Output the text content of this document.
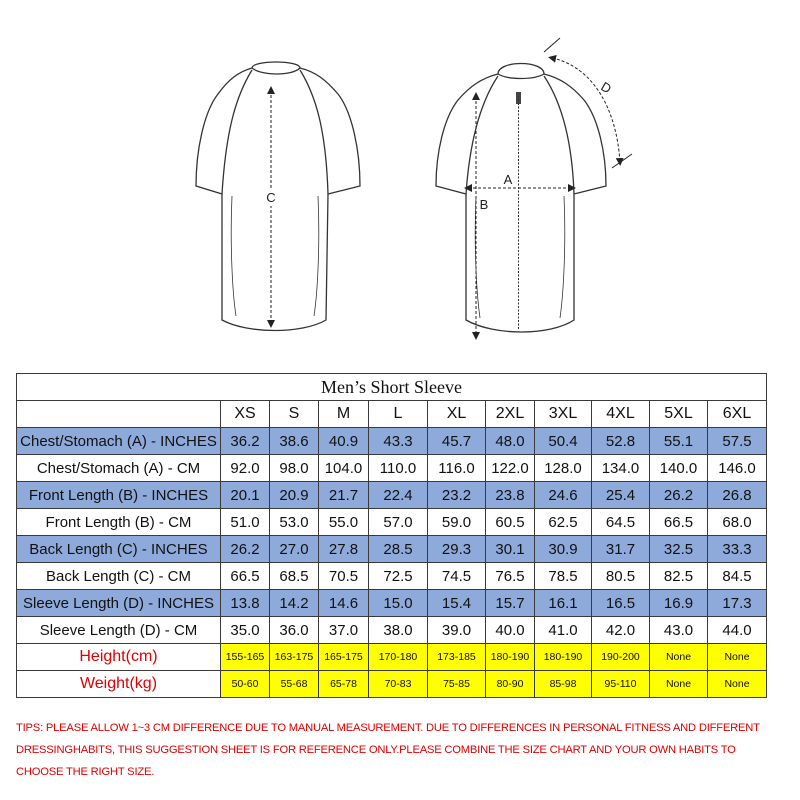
C
A
B
D
Men’s Short Sleeve										
	XS	S	M	L	XL	2XL	3XL	4XL	5XL	6XL
Chest/Stomach (A) - INCHES	36.2	38.6	40.9	43.3	45.7	48.0	50.4	52.8	55.1	57.5
Chest/Stomach (A) - CM	92.0	98.0	104.0	110.0	116.0	122.0	128.0	134.0	140.0	146.0
Front Length (B) - INCHES	20.1	20.9	21.7	22.4	23.2	23.8	24.6	25.4	26.2	26.8
Front Length (B) - CM	51.0	53.0	55.0	57.0	59.0	60.5	62.5	64.5	66.5	68.0
Back Length (C) - INCHES	26.2	27.0	27.8	28.5	29.3	30.1	30.9	31.7	32.5	33.3
Back Length (C) - CM	66.5	68.5	70.5	72.5	74.5	76.5	78.5	80.5	82.5	84.5
Sleeve Length (D) - INCHES	13.8	14.2	14.6	15.0	15.4	15.7	16.1	16.5	16.9	17.3
Sleeve Length (D) - CM	35.0	36.0	37.0	38.0	39.0	40.0	41.0	42.0	43.0	44.0
Height(cm)	155-165	163-175	165-175	170-180	173-185	180-190	180-190	190-200	None	None
Weight(kg)	50-60	55-68	65-78	70-83	75-85	80-90	85-98	95-110	None	None
TIPS: PLEASE ALLOW 1~3 CM DIFFERENCE DUE TO MANUAL MEASUREMENT. DUE TO DIFFERENCES IN PERSONAL FITNESS AND DIFFERENT
DRESSINGHABITS, THIS SUGGESTION SHEET IS FOR REFERENCE ONLY.PLEASE COMBINE THE SIZE CHART AND YOUR OWN HABITS TO
CHOOSE THE RIGHT SIZE.
